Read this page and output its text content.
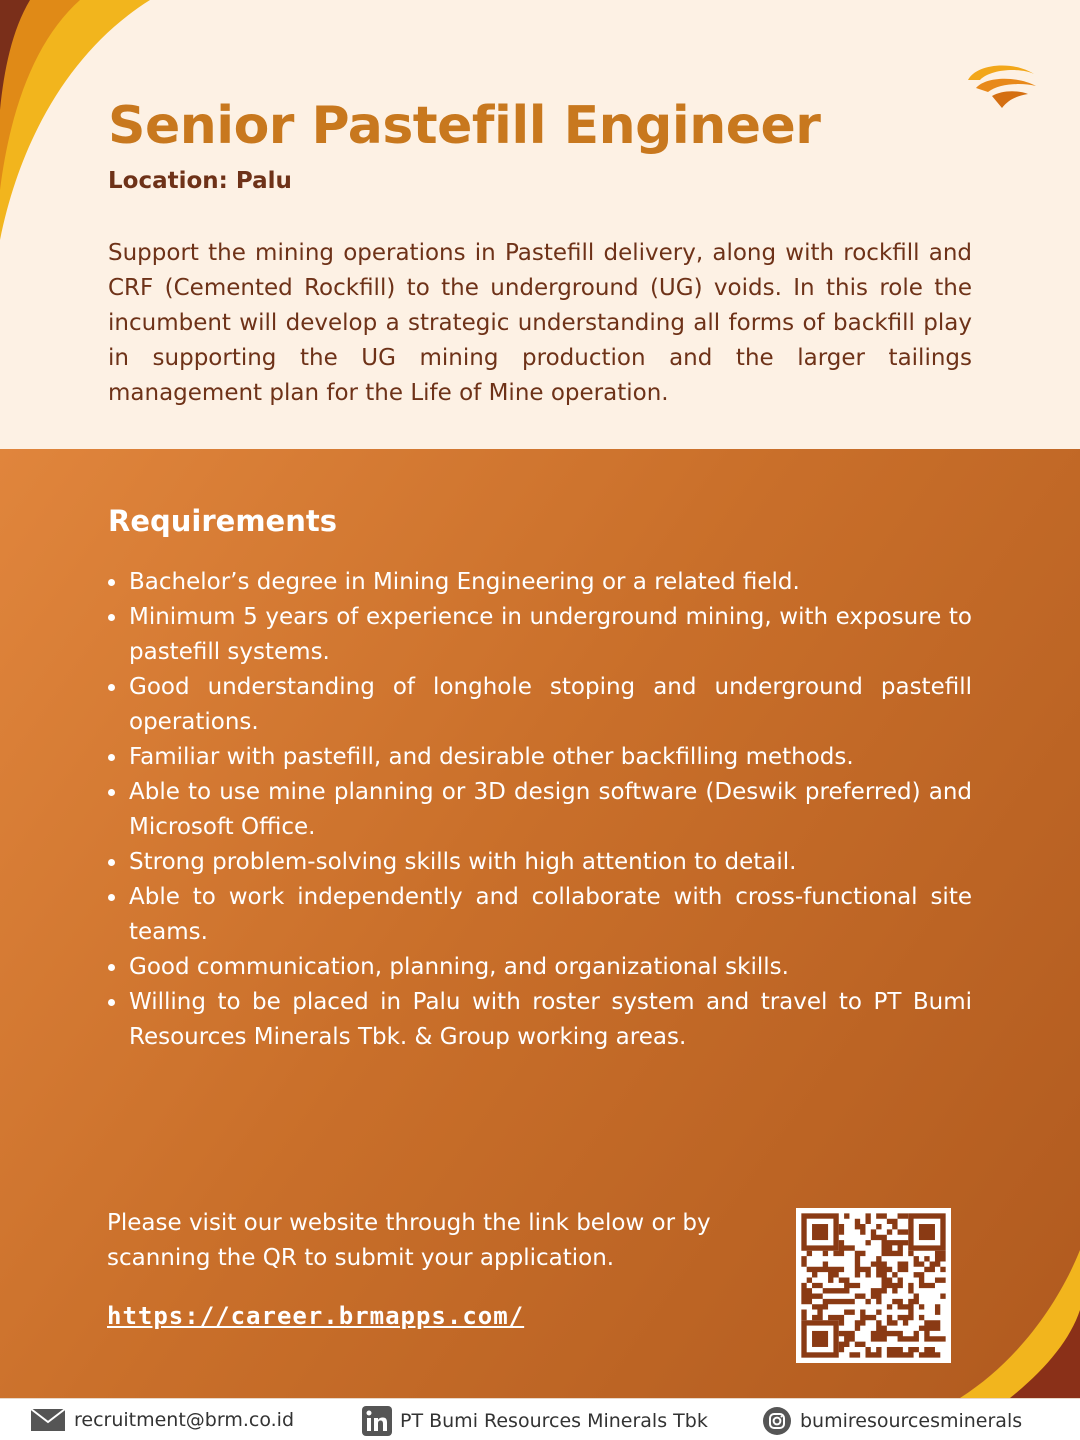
Senior Pastefill Engineer
Location: Palu

Support the mining operations in Pastefill delivery, along with rockfill and CRF (Cemented Rockfill) to the underground (UG) voids. In this role the incumbent will develop a strategic understanding all forms of backfill play in supporting the UG mining production and the larger tailings management plan for the Life of Mine operation.

Requirements
Bachelor’s degree in Mining Engineering or a related field.
Minimum 5 years of experience in underground mining, with exposure to pastefill systems.
Good understanding of longhole stoping and underground pastefill operations.
Familiar with pastefill, and desirable other backfilling methods.
Able to use mine planning or 3D design software (Deswik preferred) and Microsoft Office.
Strong problem-solving skills with high attention to detail.
Able to work independently and collaborate with cross-functional site teams.
Good communication, planning, and organizational skills.
Willing to be placed in Palu with roster system and travel to PT Bumi Resources Minerals Tbk. & Group working areas.
Please visit our website through the link below or by scanning the QR to submit your application.
https://career.brmapps.com/
recruitment@brm.co.id	PT Bumi Resources Minerals Tbk	bumiresourcesminerals
